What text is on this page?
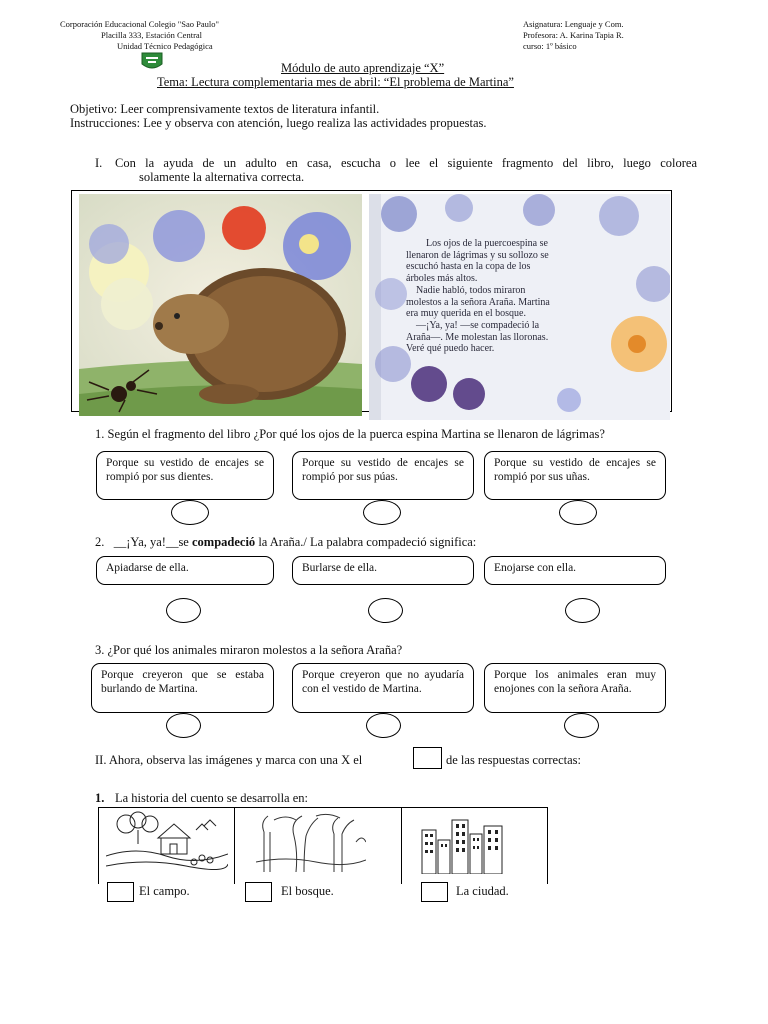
Corporación Educacional Colegio "Sao Paulo"
Placilla 333, Estación Central
Unidad Técnico Pedagógica
Asignatura: Lenguaje y Com.
Profesora: A. Karina Tapia R.
curso: 1º básico
Módulo de auto aprendizaje “X”
Tema: Lectura complementaria mes de abril: “El problema de Martina”
Objetivo: Leer comprensivamente textos de literatura infantil.
Instrucciones: Lee y observa con atención, luego realiza las actividades propuestas.
I. Con la ayuda de un adulto en casa, escucha o lee el siguiente fragmento del libro, luego colorea
solamente la alternativa correcta.
Los ojos de la puercoespina se
llenaron de lágrimas y su sollozo se
escuchó hasta en la copa de los
árboles más altos.
Nadie habló, todos miraron
molestos a la señora Araña. Martina
era muy querida en el bosque.
—¡Ya, ya! —se compadeció la
Araña—. Me molestan las lloronas.
Veré qué puedo hacer.
1. Según el fragmento del libro ¿Por qué los ojos de la puerca espina Martina se llenaron de lágrimas?
Porque su vestido de encajes se rompió por sus dientes.
Porque su vestido de encajes se rompió por sus púas.
Porque su vestido de encajes se rompió por sus uñas.
2.   __¡Ya, ya!__se compadeció la Araña./ La palabra compadeció significa:
Apiadarse de ella.	Burlarse de ella.	Enojarse con ella.
3. ¿Por qué los animales miraron molestos a la señora Araña?
Porque creyeron que se estaba burlando de Martina.
Porque creyeron que no ayudaría con el vestido de Martina.
Porque los animales eran muy enojones con la señora Araña.
II. Ahora, observa las imágenes y marca con una X el	de las respuestas correctas:
1. La historia del cuento se desarrolla en:
El campo.	El bosque.	La ciudad.
